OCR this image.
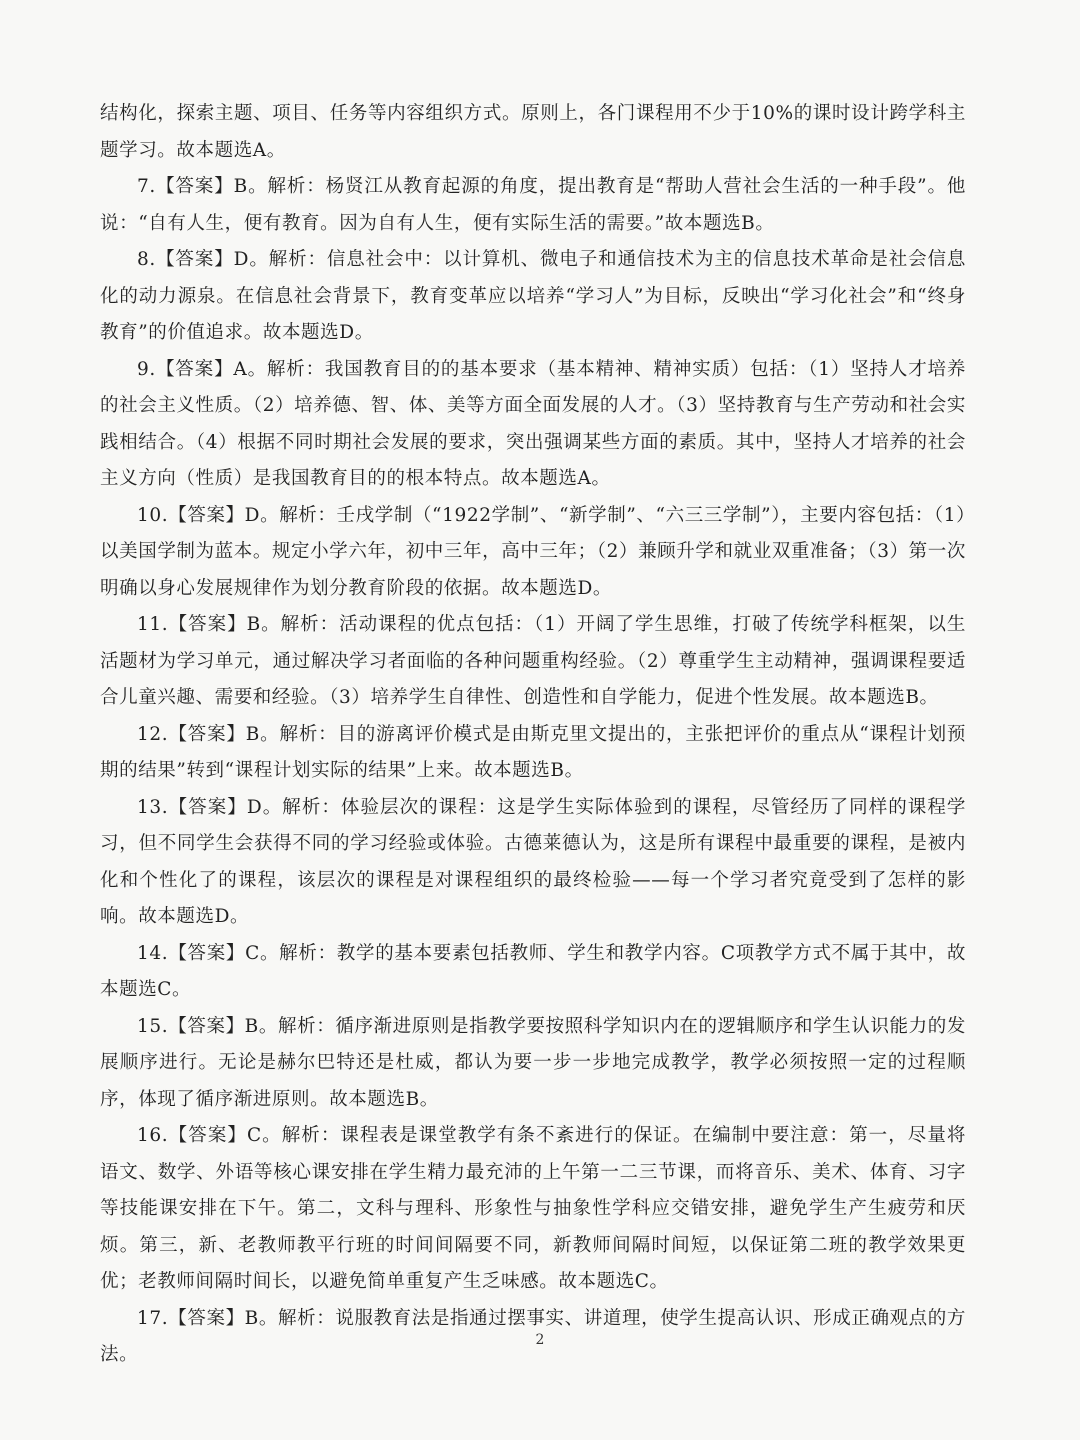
结构化，探索主题、项目、任务等内容组织方式。原则上，各门课程用不少于10%的课时设计跨学科主题学习。故本题选A。

7.【答案】B。解析：杨贤江从教育起源的角度，提出教育是“帮助人营社会生活的一种手段”。他说：“自有人生，便有教育。因为自有人生，便有实际生活的需要。”故本题选B。

8.【答案】D。解析：信息社会中：以计算机、微电子和通信技术为主的信息技术革命是社会信息化的动力源泉。在信息社会背景下，教育变革应以培养“学习人”为目标，反映出“学习化社会”和“终身教育”的价值追求。故本题选D。

9.【答案】A。解析：我国教育目的的基本要求（基本精神、精神实质）包括：（1）坚持人才培养的社会主义性质。（2）培养德、智、体、美等方面全面发展的人才。（3）坚持教育与生产劳动和社会实践相结合。（4）根据不同时期社会发展的要求，突出强调某些方面的素质。其中，坚持人才培养的社会主义方向（性质）是我国教育目的的根本特点。故本题选A。

10.【答案】D。解析：壬戌学制（“1922学制”、“新学制”、“六三三学制”），主要内容包括：（1）以美国学制为蓝本。规定小学六年，初中三年，高中三年；（2）兼顾升学和就业双重准备；（3）第一次明确以身心发展规律作为划分教育阶段的依据。故本题选D。

11.【答案】B。解析：活动课程的优点包括：（1）开阔了学生思维，打破了传统学科框架，以生活题材为学习单元，通过解决学习者面临的各种问题重构经验。（2）尊重学生主动精神，强调课程要适合儿童兴趣、需要和经验。（3）培养学生自律性、创造性和自学能力，促进个性发展。故本题选B。

12.【答案】B。解析：目的游离评价模式是由斯克里文提出的，主张把评价的重点从“课程计划预期的结果”转到“课程计划实际的结果”上来。故本题选B。

13.【答案】D。解析：体验层次的课程：这是学生实际体验到的课程，尽管经历了同样的课程学习，但不同学生会获得不同的学习经验或体验。古德莱德认为，这是所有课程中最重要的课程，是被内化和个性化了的课程，该层次的课程是对课程组织的最终检验——每一个学习者究竟受到了怎样的影响。故本题选D。

14.【答案】C。解析：教学的基本要素包括教师、学生和教学内容。C项教学方式不属于其中，故本题选C。

15.【答案】B。解析：循序渐进原则是指教学要按照科学知识内在的逻辑顺序和学生认识能力的发展顺序进行。无论是赫尔巴特还是杜威，都认为要一步一步地完成教学，教学必须按照一定的过程顺序，体现了循序渐进原则。故本题选B。

16.【答案】C。解析：课程表是课堂教学有条不紊进行的保证。在编制中要注意：第一，尽量将语文、数学、外语等核心课安排在学生精力最充沛的上午第一二三节课，而将音乐、美术、体育、习字等技能课安排在下午。第二，文科与理科、形象性与抽象性学科应交错安排，避免学生产生疲劳和厌烦。第三，新、老教师教平行班的时间间隔要不同，新教师间隔时间短，以保证第二班的教学效果更优；老教师间隔时间长，以避免简单重复产生乏味感。故本题选C。

17.【答案】B。解析：说服教育法是指通过摆事实、讲道理，使学生提高认识、形成正确观点的方法。

2
